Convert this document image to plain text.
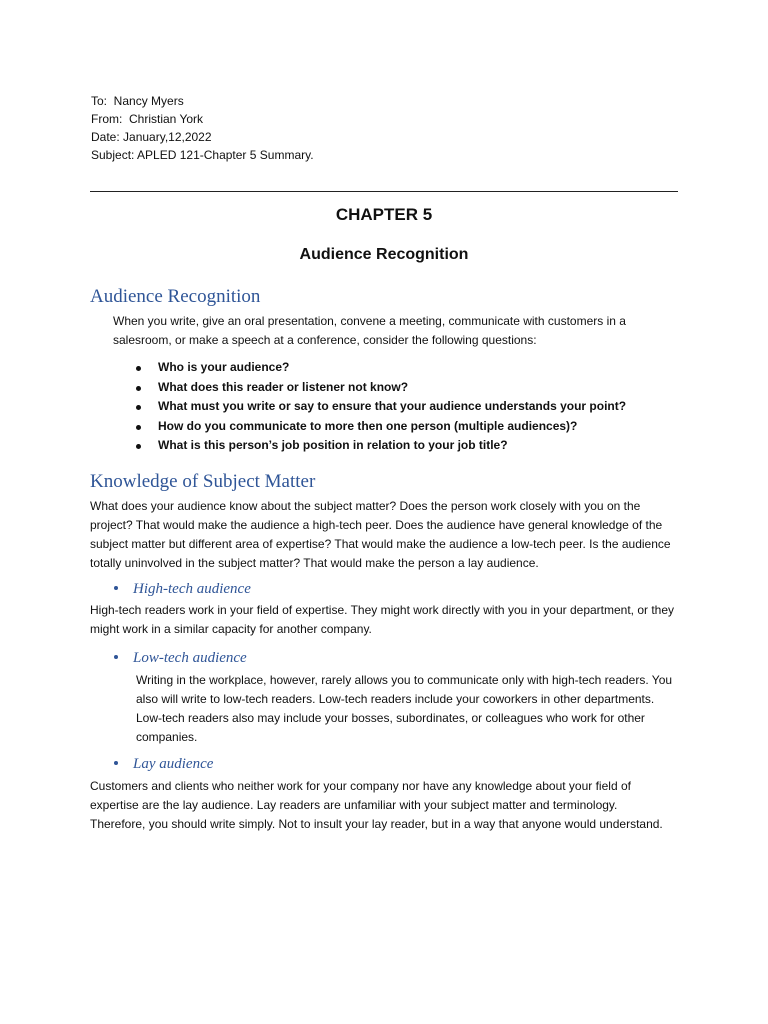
To:  Nancy Myers
From:  Christian York
Date: January,12,2022
Subject: APLED 121-Chapter 5 Summary.
CHAPTER 5
Audience Recognition
Audience Recognition
When you write, give an oral presentation, convene a meeting, communicate with customers in a salesroom, or make a speech at a conference, consider the following questions:
Who is your audience?
What does this reader or listener not know?
What must you write or say to ensure that your audience understands your point?
How do you communicate to more then one person (multiple audiences)?
What is this person’s job position in relation to your job title?
Knowledge of Subject Matter
What does your audience know about the subject matter? Does the person work closely with you on the project? That would make the audience a high-tech peer. Does the audience have general knowledge of the subject matter but different area of expertise? That would make the audience a low-tech peer. Is the audience totally uninvolved in the subject matter? That would make the person a lay audience.
High-tech audience
High-tech readers work in your field of expertise. They might work directly with you in your department, or they might work in a similar capacity for another company.
Low-tech audience
Writing in the workplace, however, rarely allows you to communicate only with high-tech readers. You also will write to low-tech readers. Low-tech readers include your coworkers in other departments. Low-tech readers also may include your bosses, subordinates, or colleagues who work for other companies.
Lay audience
Customers and clients who neither work for your company nor have any knowledge about your field of expertise are the lay audience. Lay readers are unfamiliar with your subject matter and terminology. Therefore, you should write simply. Not to insult your lay reader, but in a way that anyone would understand.
